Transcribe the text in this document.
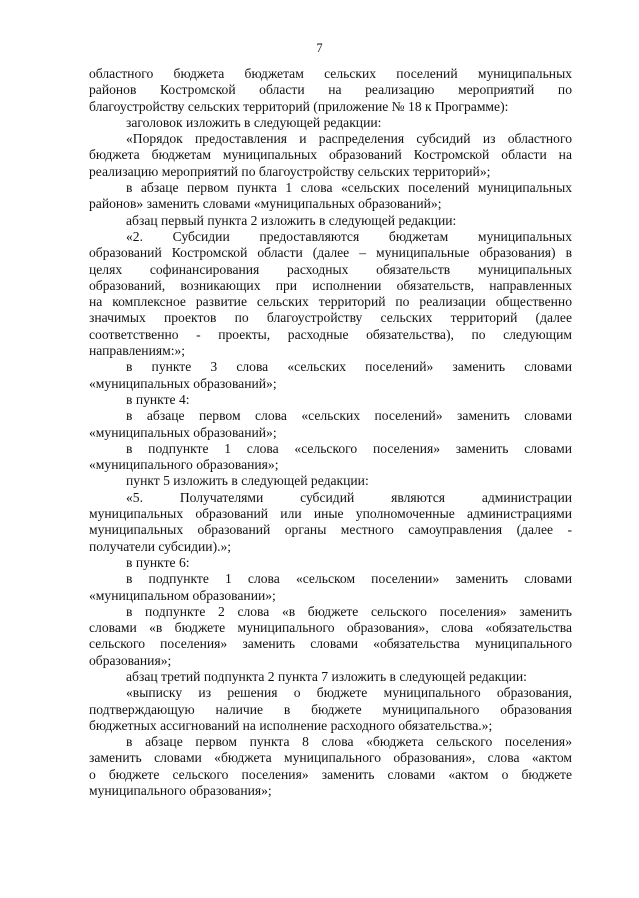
7
областного бюджета бюджетам сельских поселений муниципальных
районов Костромской области на реализацию мероприятий по
благоустройству сельских территорий (приложение № 18 к Программе):
заголовок изложить в следующей редакции:
«Порядок предоставления и распределения субсидий из областного
бюджета бюджетам муниципальных образований Костромской области на
реализацию мероприятий по благоустройству сельских территорий»;
в абзаце первом пункта 1 слова «сельских поселений муниципальных
районов» заменить словами «муниципальных образований»;
абзац первый пункта 2 изложить в следующей редакции:
«2. Субсидии предоставляются бюджетам муниципальных
образований Костромской области (далее – муниципальные образования) в
целях софинансирования расходных обязательств муниципальных
образований, возникающих при исполнении обязательств, направленных
на комплексное развитие сельских территорий по реализации общественно
значимых проектов по благоустройству сельских территорий (далее
соответственно - проекты, расходные обязательства), по следующим
направлениям:»;
в пункте 3 слова «сельских поселений» заменить словами
«муниципальных образований»;
в пункте 4:
в абзаце первом слова «сельских поселений» заменить словами
«муниципальных образований»;
в подпункте 1 слова «сельского поселения» заменить словами
«муниципального образования»;
пункт 5 изложить в следующей редакции:
«5. Получателями субсидий являются администрации
муниципальных образований или иные уполномоченные администрациями
муниципальных образований органы местного самоуправления (далее -
получатели субсидии).»;
в пункте 6:
в подпункте 1 слова «сельском поселении» заменить словами
«муниципальном образовании»;
в подпункте 2 слова «в бюджете сельского поселения» заменить
словами «в бюджете муниципального образования», слова «обязательства
сельского поселения» заменить словами «обязательства муниципального
образования»;
абзац третий подпункта 2 пункта 7 изложить в следующей редакции:
«выписку из решения о бюджете муниципального образования,
подтверждающую наличие в бюджете муниципального образования
бюджетных ассигнований на исполнение расходного обязательства.»;
в абзаце первом пункта 8 слова «бюджета сельского поселения»
заменить словами «бюджета муниципального образования», слова «актом
о бюджете сельского поселения» заменить словами «актом о бюджете
муниципального образования»;
